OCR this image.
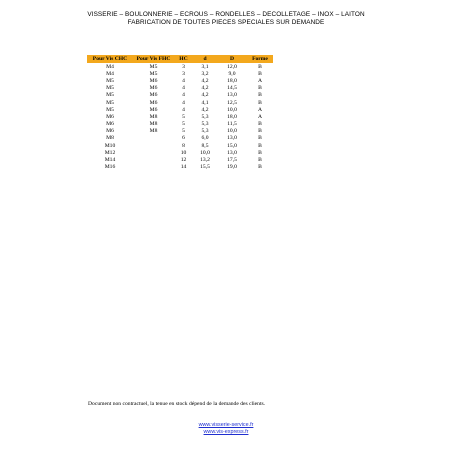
VISSERIE – BOULONNERIE – ECROUS – RONDELLES – DECOLLETAGE – INOX – LAITON
FABRICATION DE TOUTES PIECES SPECIALES SUR DEMANDE
Pour Vis CHC	Pour Vis FHC	HC	d	D	Forme
M4	M5	3	3,1	12,0	B
M4	M5	3	3,2	9,0	B
M5	M6	4	4,2	18,0	A
M5	M6	4	4,2	14,5	B
M5	M6	4	4,2	13,0	B
M5	M6	4	4,1	12,5	B
M5	M6	4	4,2	10,0	A
M6	M8	5	5,3	18,0	A
M6	M8	5	5,3	11,5	B
M6	M8	5	5,3	10,0	B
M8		6	6,0	13,0	B
M10		8	8,5	15,0	B
M12		10	10,0	13,0	B
M14		12	13,2	17,5	B
M16		14	15,5	19,0	B
Document non contractuel, la tenue en stock dépend de la demande des clients.
www.visserie-service.fr
www.vis-express.fr
